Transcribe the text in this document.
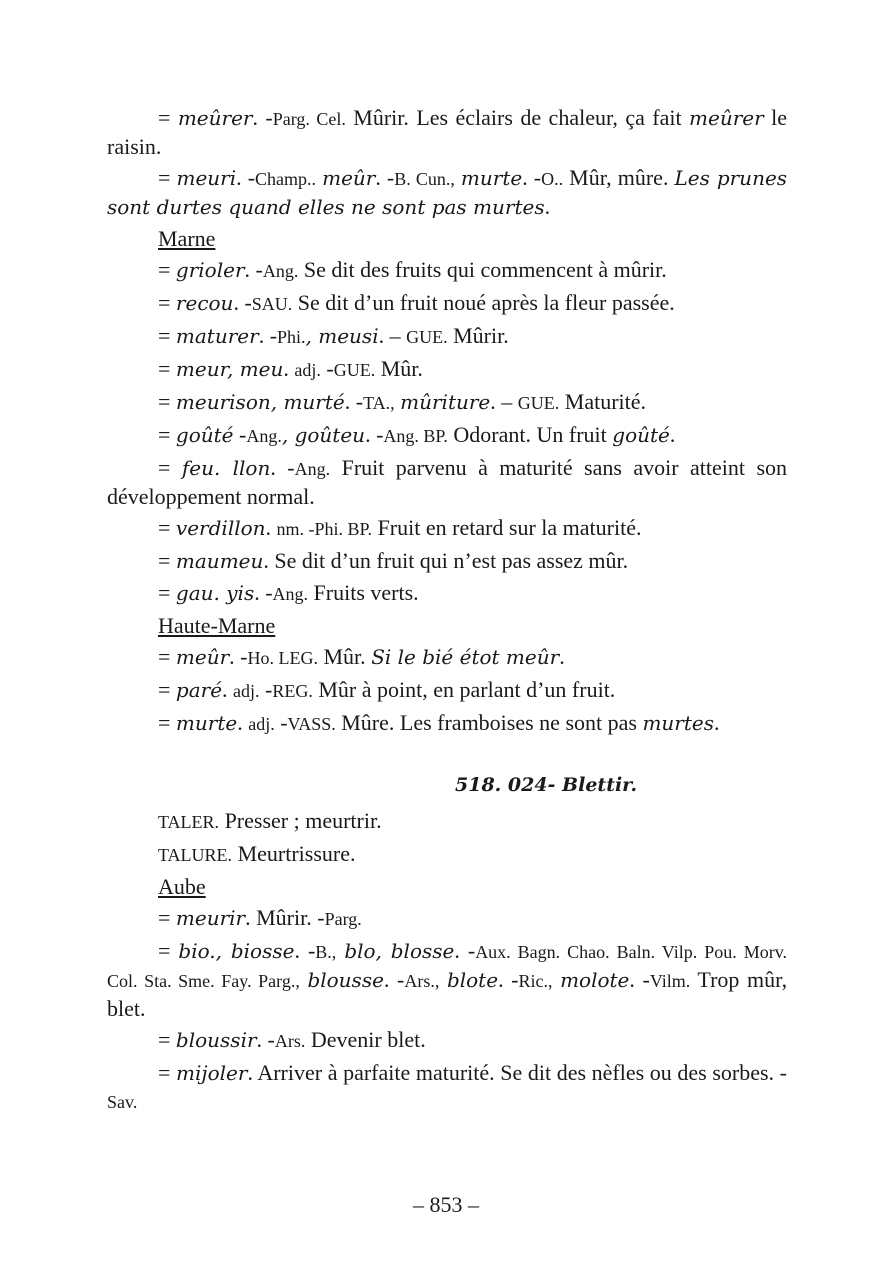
= meûrer. -Parg. Cel. Mûrir. Les éclairs de chaleur, ça fait meûrer le raisin.
= meuri. -Champ.. meûr. -B. Cun., murte. -O.. Mûr, mûre. Les prunes sont durtes quand elles ne sont pas murtes.
Marne
= grioler. -Ang. Se dit des fruits qui commencent à mûrir.
= recou. -SAU. Se dit d’un fruit noué après la fleur passée.
= maturer. -Phi., meusi. – GUE. Mûrir.
= meur, meu. adj. -GUE. Mûr.
= meurison, murté. -TA., mûriture. – GUE. Maturité.
= goûté -Ang., goûteu. -Ang. BP. Odorant. Un fruit goûté.
= feu. llon. -Ang. Fruit parvenu à maturité sans avoir atteint son développement normal.
= verdillon. nm. -Phi. BP. Fruit en retard sur la maturité.
= maumeu. Se dit d’un fruit qui n’est pas assez mûr.
= gau. yis. -Ang. Fruits verts.
Haute-Marne
= meûr. -Ho. LEG. Mûr. Si le bié étot meûr.
= paré. adj. -REG. Mûr à point, en parlant d’un fruit.
= murte. adj. -VASS. Mûre. Les framboises ne sont pas murtes.
518. 024- Blettir.
TALER. Presser ; meurtrir.
TALURE. Meurtrissure.
Aube
= meurir. Mûrir. -Parg.
= bio., biosse. -B., blo, blosse. -Aux. Bagn. Chao. Baln. Vilp. Pou. Morv. Col. Sta. Sme. Fay. Parg., blousse. -Ars., blote. -Ric., molote. -Vilm. Trop mûr, blet.
= bloussir. -Ars. Devenir blet.
= mijoler. Arriver à parfaite maturité. Se dit des nèfles ou des sorbes. -Sav.
– 853 –
